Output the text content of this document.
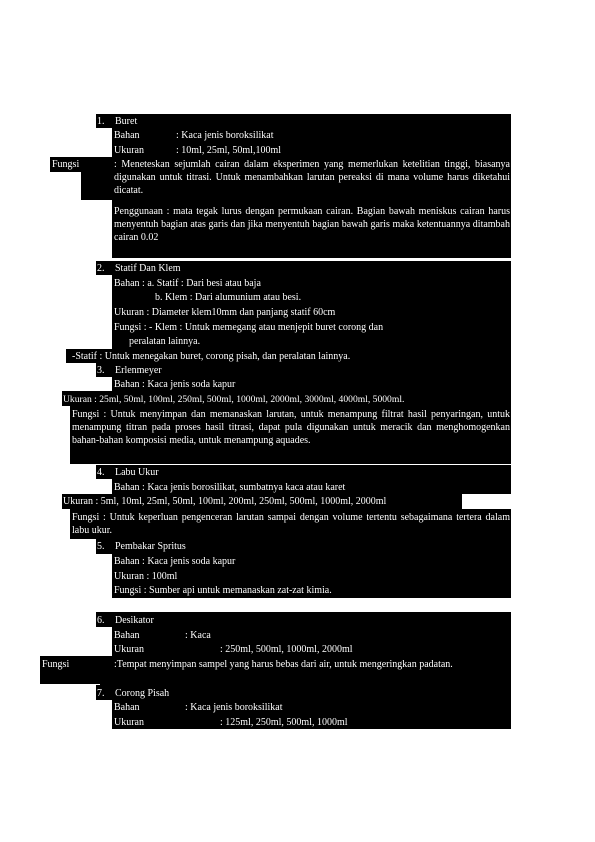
1. Buret
Bahan	: Kaca jenis boroksilikat
Ukuran	: 10ml, 25ml, 50ml,100ml
Fungsi	: Meneteskan sejumlah cairan dalam eksperimen yang memerlukan ketelitian tinggi, biasanya digunakan untuk titrasi. Untuk menambahkan larutan pereaksi di mana volume harus diketahui dicatat.
Penggunaan : mata tegak lurus dengan permukaan cairan. Bagian bawah meniskus cairan harus menyentuh bagian atas garis dan jika menyentuh bagian bawah garis maka ketentuannya ditambah cairan 0.02
2. Statif Dan Klem
Bahan : a. Statif : Dari besi atau baja
b. Klem : Dari alumunium atau besi.
Ukuran : Diameter klem10mm dan panjang statif 60cm
Fungsi : - Klem : Untuk memegang atau menjepit buret corong dan
peralatan lainnya.
-Statif : Untuk menegakan buret, corong pisah, dan peralatan lainnya.
3. Erlenmeyer
Bahan : Kaca jenis soda kapur
Ukuran : 25ml, 50ml, 100ml, 250ml, 500ml, 1000ml, 2000ml, 3000ml, 4000ml, 5000ml.
Fungsi : Untuk menyimpan dan memanaskan larutan, untuk menampung filtrat hasil penyaringan, untuk menampung titran pada proses hasil titrasi, dapat pula digunakan untuk meracik dan menghomogenkan bahan-bahan komposisi media, untuk menampung aquades.
4. Labu Ukur
Bahan : Kaca jenis borosilikat, sumbatnya kaca atau karet
Ukuran : 5ml, 10ml, 25ml, 50ml, 100ml, 200ml, 250ml, 500ml, 1000ml, 2000ml
Fungsi : Untuk keperluan pengenceran larutan sampai dengan volume tertentu sebagaimana tertera dalam labu ukur.
5. Pembakar Spritus
Bahan : Kaca jenis soda kapur
Ukuran : 100ml
Fungsi : Sumber api untuk memanaskan zat-zat kimia.
6. Desikator
Bahan	: Kaca
Ukuran	: 250ml, 500ml, 1000ml, 2000ml
Fungsi	:Tempat menyimpan sampel yang harus bebas dari air, untuk mengeringkan padatan.
7. Corong Pisah
Bahan	: Kaca jenis boroksilikat
Ukuran	: 125ml, 250ml, 500ml, 1000ml
